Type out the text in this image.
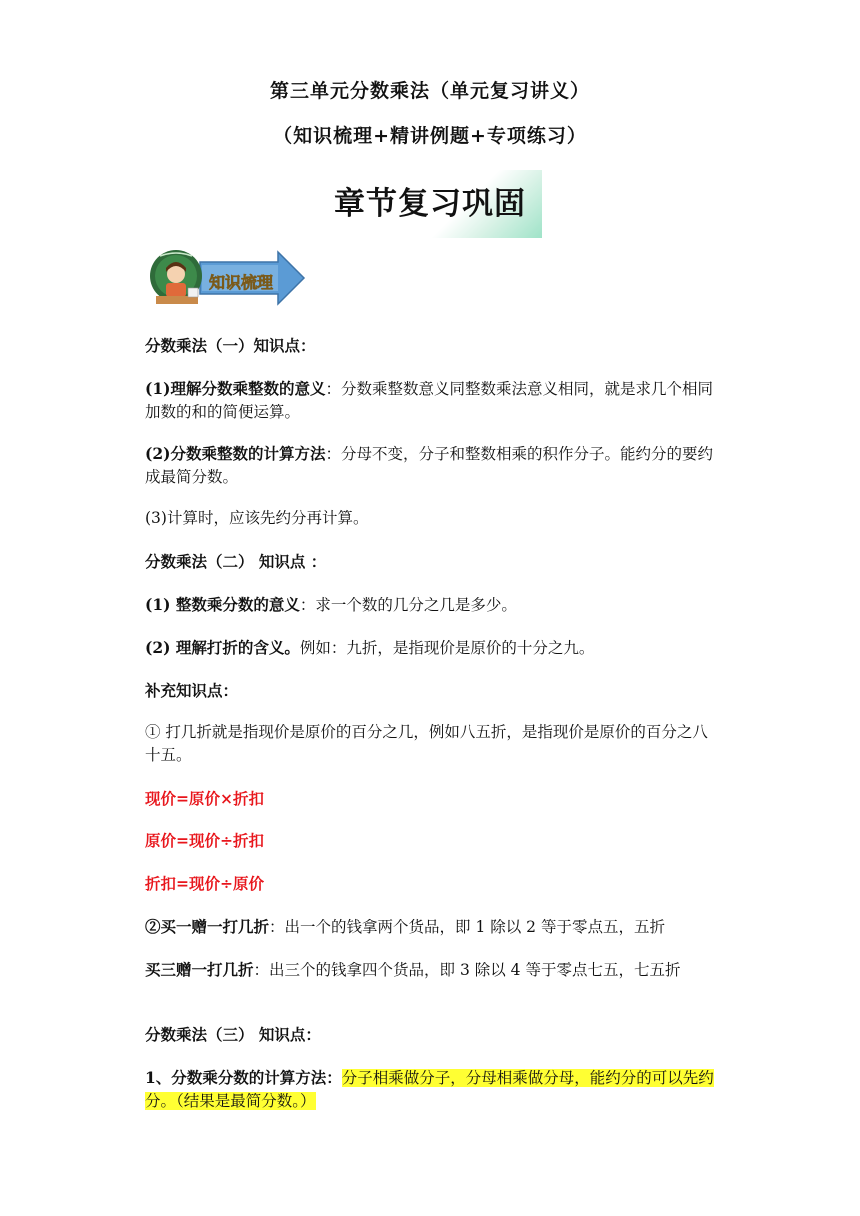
第三单元分数乘法（单元复习讲义）
（知识梳理+精讲例题+专项练习）
章节复习巩固
知识梳理
分数乘法（一）知识点：
(1)理解分数乘整数的意义：分数乘整数意义同整数乘法意义相同，就是求几个相同加数的和的简便运算。
(2)分数乘整数的计算方法：分母不变，分子和整数相乘的积作分子。能约分的要约成最简分数。
(3)计算时，应该先约分再计算。
分数乘法（二） 知识点 ：
(1) 整数乘分数的意义：求一个数的几分之几是多少。
(2) 理解打折的含义。例如：九折，是指现价是原价的十分之九。
补充知识点：
① 打几折就是指现价是原价的百分之几，例如八五折，是指现价是原价的百分之八十五。
现价=原价×折扣
原价=现价÷折扣
折扣=现价÷原价
②买一赠一打几折：出一个的钱拿两个货品，即 1 除以 2 等于零点五，五折
买三赠一打几折：出三个的钱拿四个货品，即 3 除以 4 等于零点七五，七五折
分数乘法（三） 知识点：
1、分数乘分数的计算方法：分子相乘做分子，分母相乘做分母，能约分的可以先约分。（结果是最简分数。）
